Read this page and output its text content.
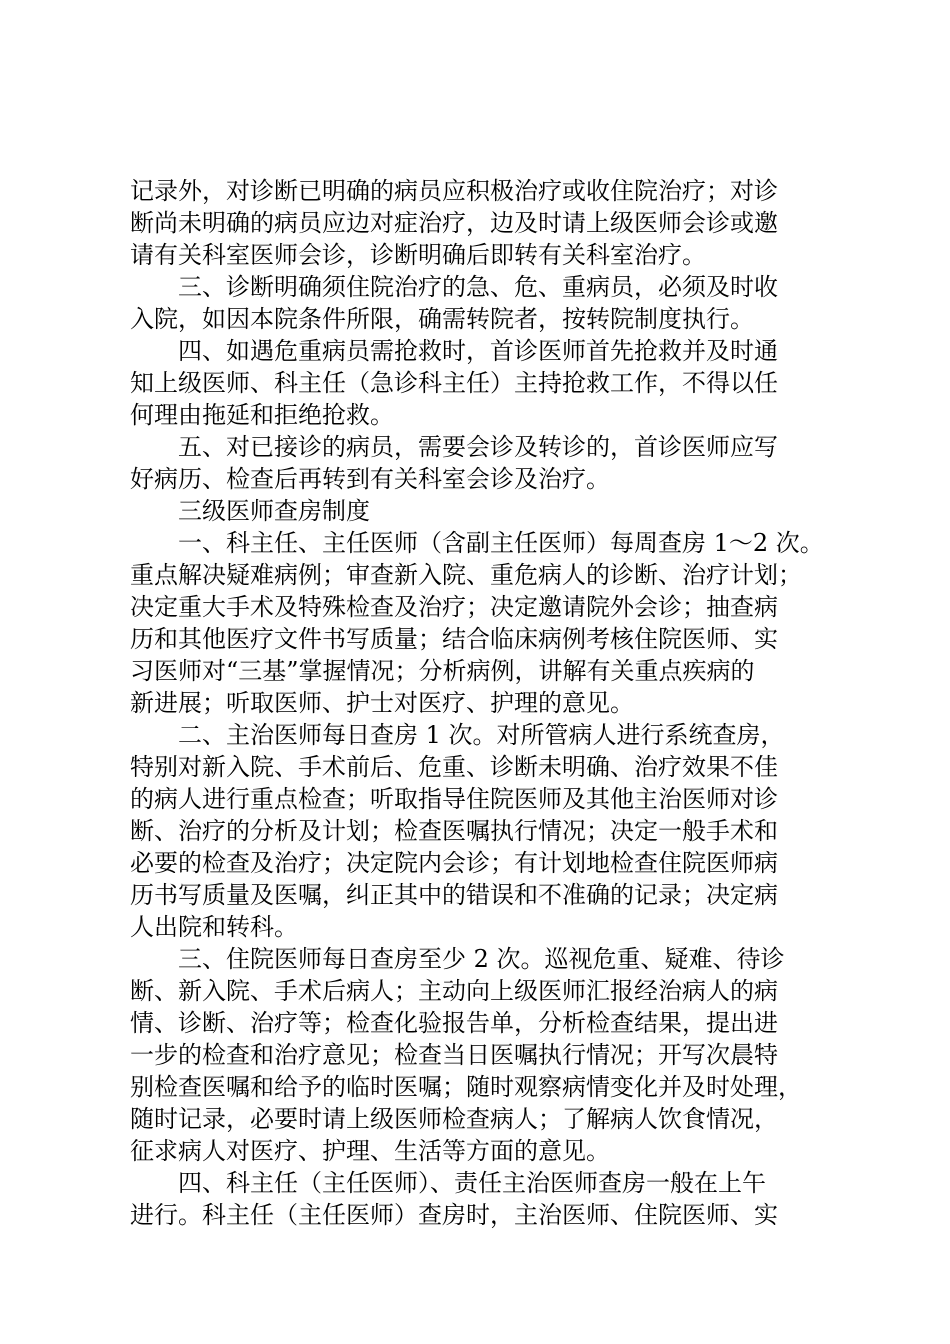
记录外，对诊断已明确的病员应积极治疗或收住院治疗；对诊
断尚未明确的病员应边对症治疗，边及时请上级医师会诊或邀
请有关科室医师会诊，诊断明确后即转有关科室治疗。
三、诊断明确须住院治疗的急、危、重病员，必须及时收
入院，如因本院条件所限，确需转院者，按转院制度执行。
四、如遇危重病员需抢救时，首诊医师首先抢救并及时通
知上级医师、科主任（急诊科主任）主持抢救工作，不得以任
何理由拖延和拒绝抢救。
五、对已接诊的病员，需要会诊及转诊的，首诊医师应写
好病历、检查后再转到有关科室会诊及治疗。
三级医师查房制度
一、科主任、主任医师（含副主任医师）每周查房 1～2 次。
重点解决疑难病例；审查新入院、重危病人的诊断、治疗计划；
决定重大手术及特殊检查及治疗；决定邀请院外会诊；抽查病
历和其他医疗文件书写质量；结合临床病例考核住院医师、实
习医师对“三基”掌握情况；分析病例，讲解有关重点疾病的
新进展；听取医师、护士对医疗、护理的意见。
二、主治医师每日查房 1 次。对所管病人进行系统查房，
特别对新入院、手术前后、危重、诊断未明确、治疗效果不佳
的病人进行重点检查；听取指导住院医师及其他主治医师对诊
断、治疗的分析及计划；检查医嘱执行情况；决定一般手术和
必要的检查及治疗；决定院内会诊；有计划地检查住院医师病
历书写质量及医嘱，纠正其中的错误和不准确的记录；决定病
人出院和转科。
三、住院医师每日查房至少 2 次。巡视危重、疑难、待诊
断、新入院、手术后病人；主动向上级医师汇报经治病人的病
情、诊断、治疗等；检查化验报告单，分析检查结果，提出进
一步的检查和治疗意见；检查当日医嘱执行情况；开写次晨特
别检查医嘱和给予的临时医嘱；随时观察病情变化并及时处理，
随时记录，必要时请上级医师检查病人；了解病人饮食情况，
征求病人对医疗、护理、生活等方面的意见。
四、科主任（主任医师）、责任主治医师查房一般在上午
进行。科主任（主任医师）查房时，主治医师、住院医师、实
